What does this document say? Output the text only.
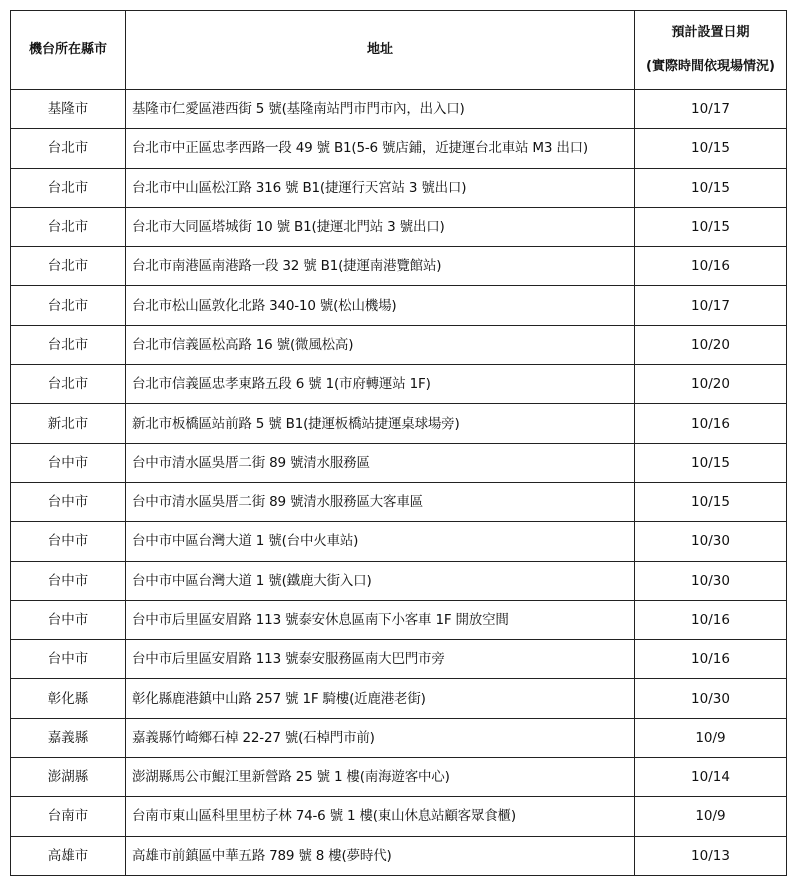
機台所在縣市	地址	預計設置日期
(實際時間依現場情況)

基隆市	基隆市仁愛區港西街 5 號(基隆南站門市門市內，出入口)	10/17
台北市	台北市中正區忠孝西路一段 49 號 B1(5-6 號店鋪，近捷運台北車站 M3 出口)	10/15
台北市	台北市中山區松江路 316 號 B1(捷運行天宮站 3 號出口)	10/15
台北市	台北市大同區塔城街 10 號 B1(捷運北門站 3 號出口)	10/15
台北市	台北市南港區南港路一段 32 號 B1(捷運南港覽館站)	10/16
台北市	台北市松山區敦化北路 340-10 號(松山機場)	10/17
台北市	台北市信義區松高路 16 號(微風松高)	10/20
台北市	台北市信義區忠孝東路五段 6 號 1(市府轉運站 1F)	10/20
新北市	新北市板橋區站前路 5 號 B1(捷運板橋站捷運桌球場旁)	10/16
台中市	台中市清水區吳厝二街 89 號清水服務區	10/15
台中市	台中市清水區吳厝二街 89 號清水服務區大客車區	10/15
台中市	台中市中區台灣大道 1 號(台中火車站)	10/30
台中市	台中市中區台灣大道 1 號(鐵鹿大街入口)	10/30
台中市	台中市后里區安眉路 113 號泰安休息區南下小客車 1F 開放空間	10/16
台中市	台中市后里區安眉路 113 號泰安服務區南大巴門市旁	10/16
彰化縣	彰化縣鹿港鎮中山路 257 號 1F 騎樓(近鹿港老街)	10/30
嘉義縣	嘉義縣竹崎鄉石棹 22-27 號(石棹門市前)	10/9
澎湖縣	澎湖縣馬公市鯤江里新營路 25 號 1 樓(南海遊客中心)	10/14
台南市	台南市東山區科里里枋子林 74-6 號 1 樓(東山休息站顧客眾食櫃)	10/9
高雄市	高雄市前鎮區中華五路 789 號 8 樓(夢時代)	10/13
